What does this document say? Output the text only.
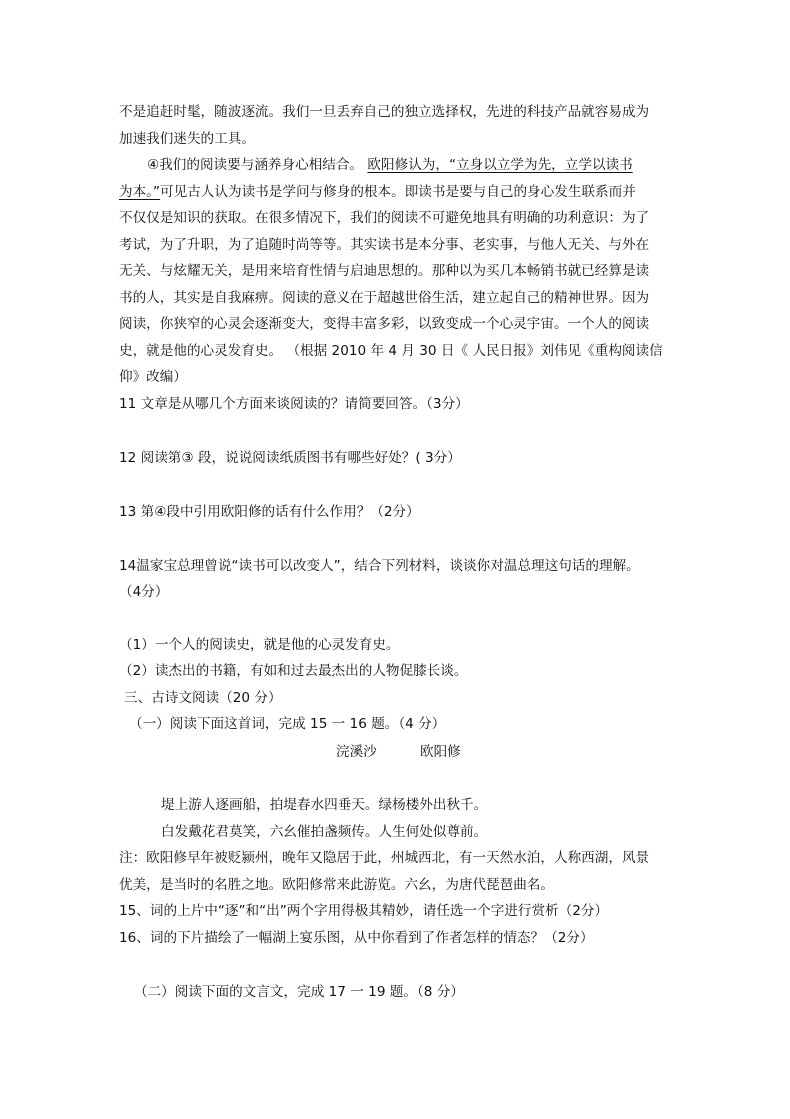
不是追赶时髦，随波逐流。我们一旦丢弃自己的独立选择权，先进的科技产品就容易成为
加速我们迷失的工具。
④我们的阅读要与涵养身心相结合。 欧阳修认为，“立身以立学为先，立学以读书
为本。”可见古人认为读书是学问与修身的根本。即读书是要与自己的身心发生联系而并
不仅仅是知识的获取。在很多情况下，我们的阅读不可避免地具有明确的功利意识：为了
考试，为了升职，为了追随时尚等等。其实读书是本分事、老实事，与他人无关、与外在
无关、与炫耀无关，是用来培育性情与启迪思想的。那种以为买几本畅销书就已经算是读
书的人，其实是自我麻痹。阅读的意义在于超越世俗生活，建立起自己的精神世界。因为
阅读，你狭窄的心灵会逐渐变大，变得丰富多彩，以致变成一个心灵宇宙。一个人的阅读
史，就是他的心灵发育史。 （根据 2010 年 4 月 30 日《 人民日报》刘伟见《重构阅读信
仰》改编）
11 文章是从哪几个方面来谈阅读的？请简要回答。（3分）
12 阅读第③ 段，说说阅读纸质图书有哪些好处？( 3分）
13 第④段中引用欧阳修的话有什么作用？（2分）
14温家宝总理曾说“读书可以改变人”，结合下列材料，谈谈你对温总理这句话的理解。
（4分）
（1）一个人的阅读史，就是他的心灵发育史。
（2）读杰出的书籍，有如和过去最杰出的人物促膝长谈。
三、古诗文阅读（20 分）
（一）阅读下面这首词，完成 15 一 16 题。（4 分）
浣溪沙	欧阳修
堤上游人逐画船，拍堤春水四垂天。绿杨楼外出秋千。
白发戴花君莫笑，六幺催拍盏频传。人生何处似尊前。
注：欧阳修早年被贬颍州，晚年又隐居于此，州城西北，有一天然水泊，人称西湖，风景
优美，是当时的名胜之地。欧阳修常来此游览。六幺，为唐代琵琶曲名。
15、词的上片中“逐”和“出”两个字用得极其精妙，请任选一个字进行赏析（2分）
16、词的下片描绘了一幅湖上宴乐图，从中你看到了作者怎样的情态？（2分）
（二）阅读下面的文言文，完成 17 一 19 题。（8 分）
